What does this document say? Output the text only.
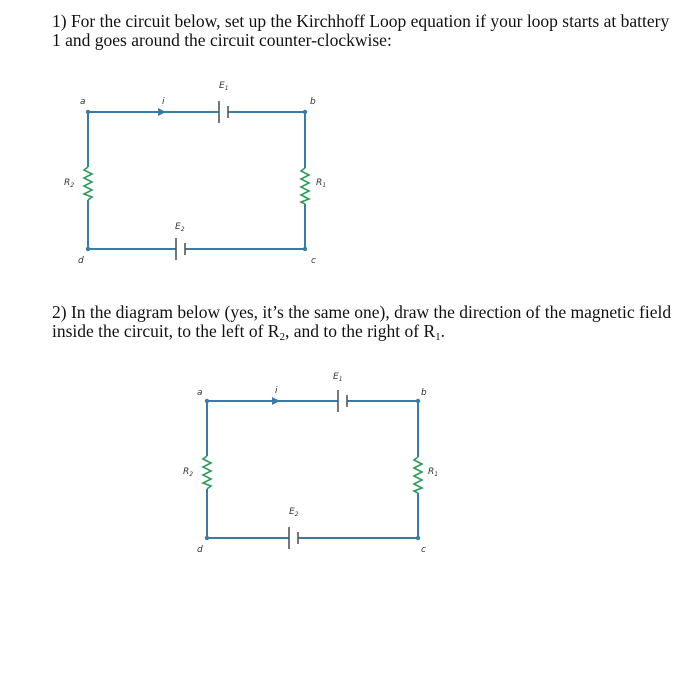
1) For the circuit below, set up the Kirchhoff Loop equation if your loop starts at battery
1 and goes around the circuit counter-clockwise:
2) In the diagram below (yes, it’s the same one), draw the direction of the magnetic field
inside the circuit, to the left of $R_2$, and to the right of $R_1$.
a	b
c
d
i
$E_1$
$E_2$
$R_1$
$R_2$
a	b
c
d
i
$E_1$
$E_2$
$R_1$
$R_2$
